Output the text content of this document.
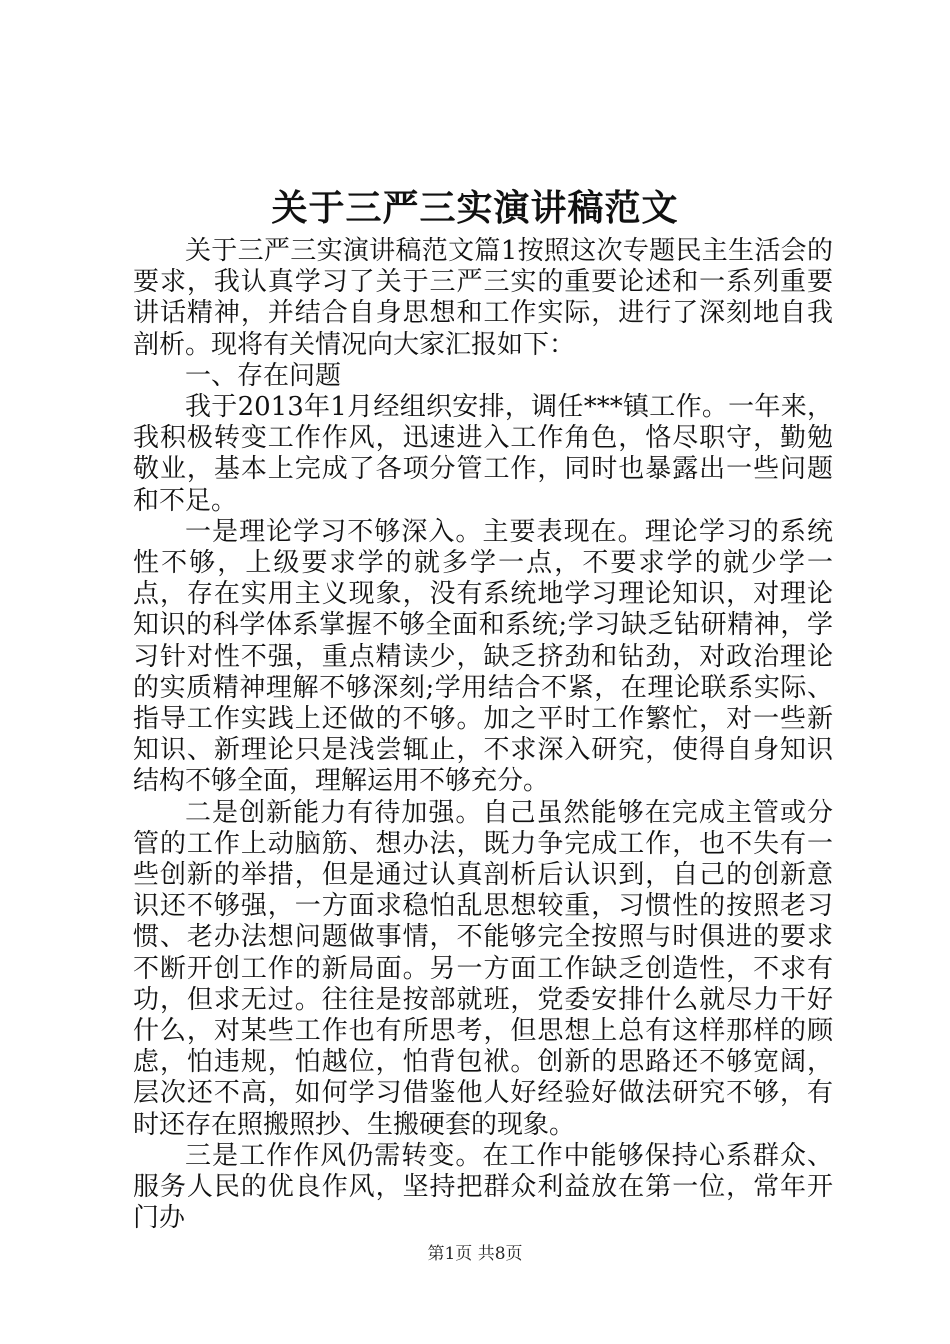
关于三严三实演讲稿范文

关于三严三实演讲稿范文篇1按照这次专题民主生活会的要求，我认真学习了关于三严三实的重要论述和一系列重要讲话精神，并结合自身思想和工作实际，进行了深刻地自我剖析。现将有关情况向大家汇报如下：

一、存在问题

我于2013年1月经组织安排，调任***镇工作。一年来，我积极转变工作作风，迅速进入工作角色，恪尽职守，勤勉敬业，基本上完成了各项分管工作，同时也暴露出一些问题和不足。

一是理论学习不够深入。主要表现在。理论学习的系统性不够，上级要求学的就多学一点，不要求学的就少学一点，存在实用主义现象，没有系统地学习理论知识，对理论知识的科学体系掌握不够全面和系统;学习缺乏钻研精神，学习针对性不强，重点精读少，缺乏挤劲和钻劲，对政治理论的实质精神理解不够深刻;学用结合不紧，在理论联系实际、指导工作实践上还做的不够。加之平时工作繁忙，对一些新知识、新理论只是浅尝辄止，不求深入研究，使得自身知识结构不够全面，理解运用不够充分。

二是创新能力有待加强。自己虽然能够在完成主管或分管的工作上动脑筋、想办法，既力争完成工作，也不失有一些创新的举措，但是通过认真剖析后认识到，自己的创新意识还不够强，一方面求稳怕乱思想较重，习惯性的按照老习惯、老办法想问题做事情，不能够完全按照与时俱进的要求不断开创工作的新局面。另一方面工作缺乏创造性，不求有功，但求无过。往往是按部就班，党委安排什么就尽力干好什么，对某些工作也有所思考，但思想上总有这样那样的顾虑，怕违规，怕越位，怕背包袱。创新的思路还不够宽阔，层次还不高，如何学习借鉴他人好经验好做法研究不够，有时还存在照搬照抄、生搬硬套的现象。

三是工作作风仍需转变。在工作中能够保持心系群众、服务人民的优良作风，坚持把群众利益放在第一位，常年开门办

第1页 共8页
